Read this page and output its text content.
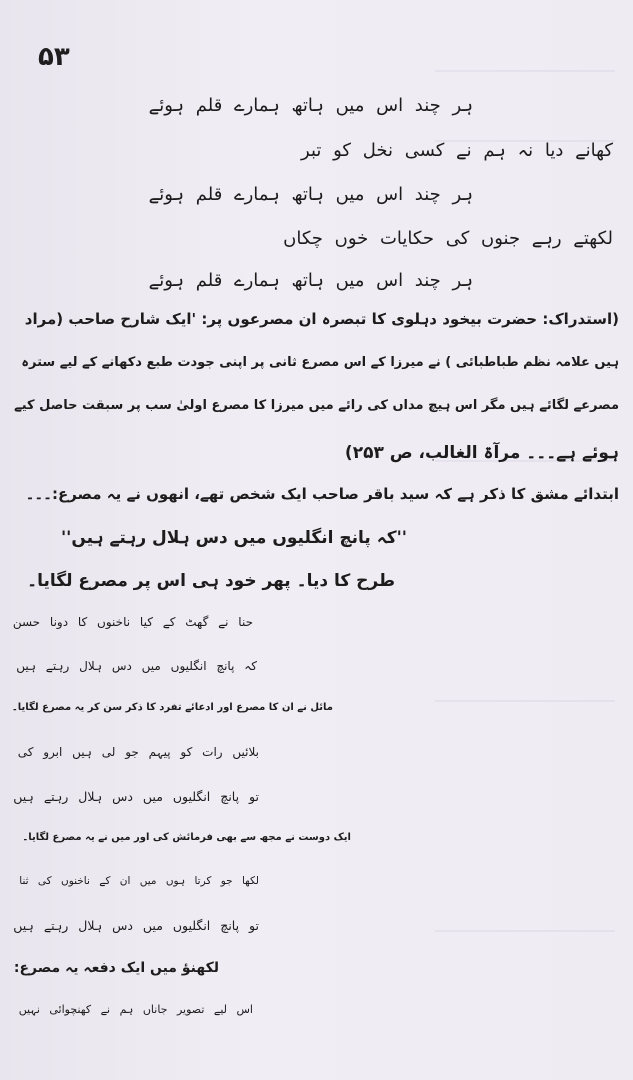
۵۳
ہر چند اس میں ہاتھ ہمارے قلم ہوئے
کھانے دیا نہ ہم نے کسی نخل کو تبر
ہر چند اس میں ہاتھ ہمارے قلم ہوئے
لکھتے رہے جنوں کی حکایات خوں چکاں
ہر چند اس میں ہاتھ ہمارے قلم ہوئے
(استدراک: حضرت بیخود دہلوی کا تبصرہ ان مصرعوں پر: 'ایک شارح صاحب (مراد
ہیں علامہ نظم طباطبائی ) نے میرزا کے اس مصرع ثانی پر اپنی جودت طبع دکھانے کے لیے سترہ
مصرعے لگائے ہیں مگر اس ہیچ مداں کی رائے میں میرزا کا مصرع اولیٰ سب پر سبقت حاصل کیے
ہوئے ہے۔۔۔ مرآۃ الغالب، ص ۲۵۳)
ابتدائے مشق کا ذکر ہے کہ سید باقر صاحب ایک شخص تھے، انھوں نے یہ مصرع:۔۔۔
''کہ پانچ انگلیوں میں دس ہلال رہتے ہیں''
طرح کا دیا۔ پھر خود ہی اس پر مصرع لگایا۔
حنا نے گھٹ کے کیا ناخنوں کا دونا حسن
کہ پانچ انگلیوں میں دس ہلال رہتے ہیں
مائل نے ان کا مصرع اور ادعائے تفرد کا ذکر سن کر یہ مصرع لگایا۔
بلائیں رات کو پیہم جو لی ہیں ابرو کی
تو پانچ انگلیوں میں دس ہلال رہتے ہیں
ایک دوست نے مجھ سے بھی فرمائش کی اور میں نے یہ مصرع لگایا۔
لکھا جو کرتا ہوں میں ان کے ناخنوں کی ثنا
تو پانچ انگلیوں میں دس ہلال رہتے ہیں
لکھنؤ میں ایک دفعہ یہ مصرع:
اس لیے تصویر جاناں ہم نے کھنچوائی نہیں
